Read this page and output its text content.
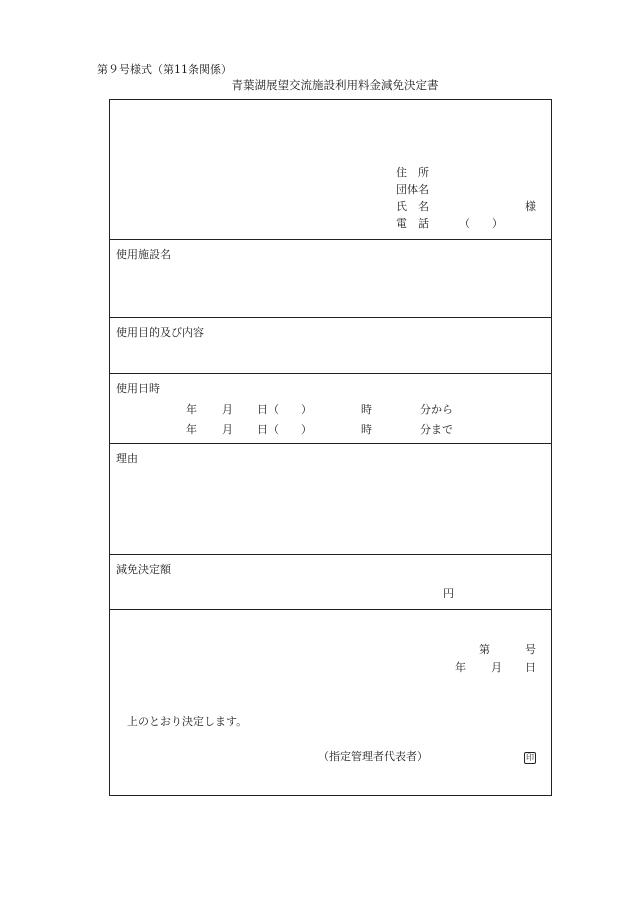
第９号様式（第11条関係）
青葉湖展望交流施設利用料金減免決定書
住　所
団体名
氏　名	様
電　話	（　　）
使用施設名
使用目的及び内容
使用日時
年 月 日（　　）	時	分から
年 月 日（　　）	時	分まで
理由
減免決定額
円
第	号
年 月 日
上のとおり決定します。
（指定管理者代表者）	印
